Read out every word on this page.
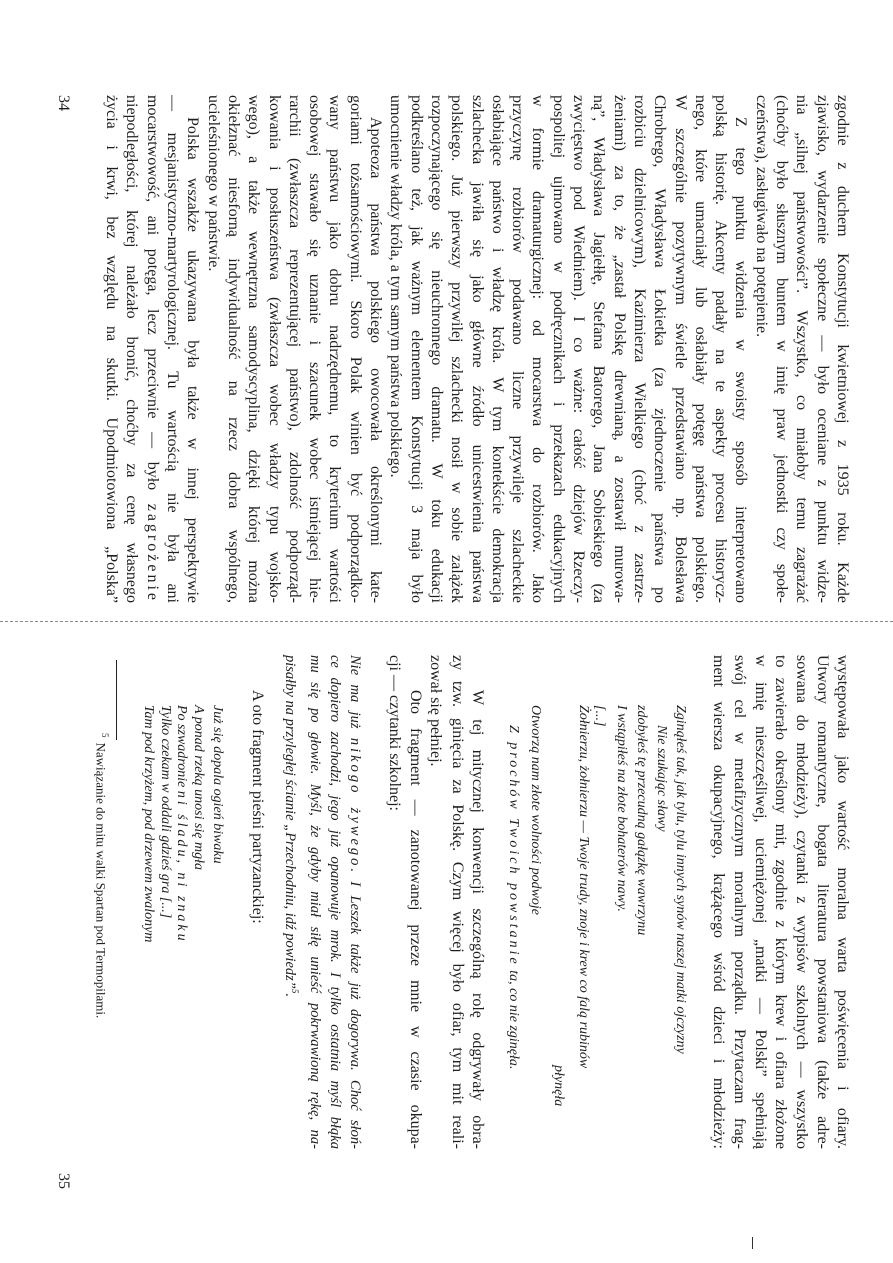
zgodnie z duchem Konstytucji kwietniowej z 1935 roku. Każde
zjawisko, wydarzenie społeczne — było oceniane z punktu widze-
nia „silnej państwowości”. Wszystko, co miałoby temu zagrażać
(choćby było słusznym buntem w imię praw jednostki czy społe-
czeństwa), zasługiwało na potępienie.
Z tego punktu widzenia w swoisty sposób interpretowano
polską historię. Akcenty padały na te aspekty procesu historycz-
nego, które umacniały lub osłabiały potęgę państwa polskiego.
W szczególnie pozytywnym świetle przedstawiano np. Bolesława
Chrobrego, Władysława Łokietka (za zjednoczenie państwa po
rozbiciu dzielnicowym), Kazimierza Wielkiego (choć z zastrze-
żeniami) za to, że „zastał Polskę drewnianą, a zostawił murowa-
ną”, Władysława Jagiełłę, Stefana Batorego, Jana Sobieskiego (za
zwycięstwo pod Wiedniem). I co ważne: całość dziejów Rzeczy-
pospolitej ujmowano w podręcznikach i przekazach edukacyjnych
w formie dramaturgicznej: od mocarstwa do rozbiorów. Jako
przyczynę rozbiorów podawano liczne przywileje szlacheckie
osłabiające państwo i władzę króla. W tym kontekście demokracja
szlachecka jawiła się jako główne źródło unicestwienia państwa
polskiego. Już pierwszy przywilej szlachecki nosił w sobie zalążek
rozpoczynającego się nieuchronnego dramatu. W toku edukacji
podkreślano też, jak ważnym elementem Konstytucji 3 maja było
umocnienie władzy króla, a tym samym państwa polskiego.
Apoteoza państwa polskiego owocowała określonymi kate-
goriami tożsamościowymi. Skoro Polak winien być podporządko-
wany państwu jako dobru nadrzędnemu, to kryterium wartości
osobowej stawało się uznanie i szacunek wobec istniejącej hie-
rarchii (zwłaszcza reprezentującej państwo), zdolność podporząd-
kowania i posłuszeństwa (zwłaszcza wobec władzy typu wojsko-
wego), a także wewnętrzna samodyscyplina, dzięki której można
okiełznać niesforną indywidualność na rzecz dobra wspólnego,
ucieleśnionego w państwie.
Polska wszakże ukazywana była także w innej perspektywie
— mesjanistyczno-martyrologicznej. Tu wartością nie była ani
mocarstwowość, ani potęga, lecz przeciwnie — było zagrożenie
niepodległości, której należało bronić, choćby za cenę własnego
życia i krwi, bez względu na skutki. Upodmiotowiona „Polska”
34
występowała jako wartość moralna warta poświęcenia i ofiary.
Utwory romantyczne, bogata literatura powstaniowa (także adre-
sowana do młodzieży), czytanki z wypisów szkolnych — wszystko
to zawierało określony mit, zgodnie z którym krew i ofiara złożone
w imię nieszczęśliwej, uciemiężonej „matki — Polski” spełniają
swój cel w metafizycznym moralnym porządku. Przytaczam frag-
ment wiersza okupacyjnego, krążącego wśród dzieci i młodzieży:
Zginąłeś tak, jak tylu, tylu innych synów naszej matki ojczyzny
Nie szukając sławy
zdobyłeś tę przecudną gałązkę wawrzynu
I wstąpiłeś na złote bohaterów nawy.
[...]
Żołnierzu, żołnierzu — Twoje trudy, znoje i krew co falą rubinów
płynęła
Otworzą nam złote wolności podwoje
Z prochów Twoich powstanie ta, co nie zginęła.
W tej mitycznej konwencji szczególną rolę odgrywały obra-
zy tzw. ginięcia za Polskę. Czym więcej było ofiar, tym mit reali-
zował się pełniej.
Oto fragment — zanotowanej przeze mnie w czasie okupa-
cji — czytanki szkolnej:
Nie ma już nikogo żywego. I Leszek także już dogorywa. Choć słoń-
ce dopiero zachodzi, jego już opanowuje mrok. I tylko ostatnia myśl błąka
mu się po głowie. Myśl, że gdyby miał siłę unieść pokrwawioną rękę, na-
pisałby na przyległej ścianie „Przechodniu, idź powiedz”$^5$.
A oto fragment pieśni partyzanckiej:
Już się dopala ogień biwaku
A ponad rzeką unosi się mgła
Po szwadronie ni śladu, ni znaku
Tylko czekam w oddali gdzieś gra [...]
Tam pod krzyżem, pod drzewem zwalonym
$^5$Nawiązanie do mitu walki Spartan pod Termopilami.
35
